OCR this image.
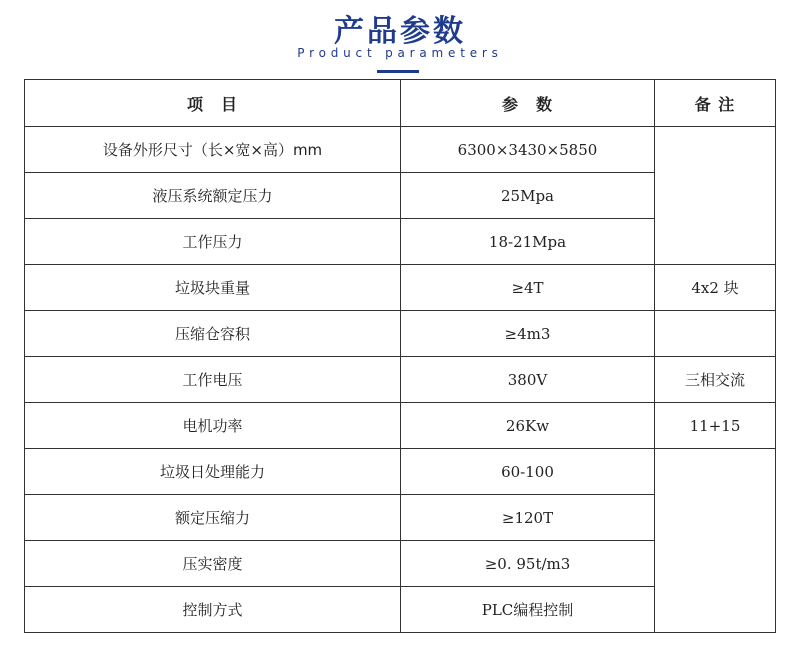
产品参数
Product parameters
项　目	参　数	备 注
设备外形尺寸（长×宽×高）mm	6300×3430×5850	
液压系统额定压力	25Mpa	
工作压力	18-21Mpa	
垃圾块重量	≥4T	4x2 块
压缩仓容积	≥4m3	
工作电压	380V	三相交流
电机功率	26Kw	11+15
垃圾日处理能力	60-100	
额定压缩力	≥120T	
压实密度	≥0. 95t/m3	
控制方式	PLC编程控制	
